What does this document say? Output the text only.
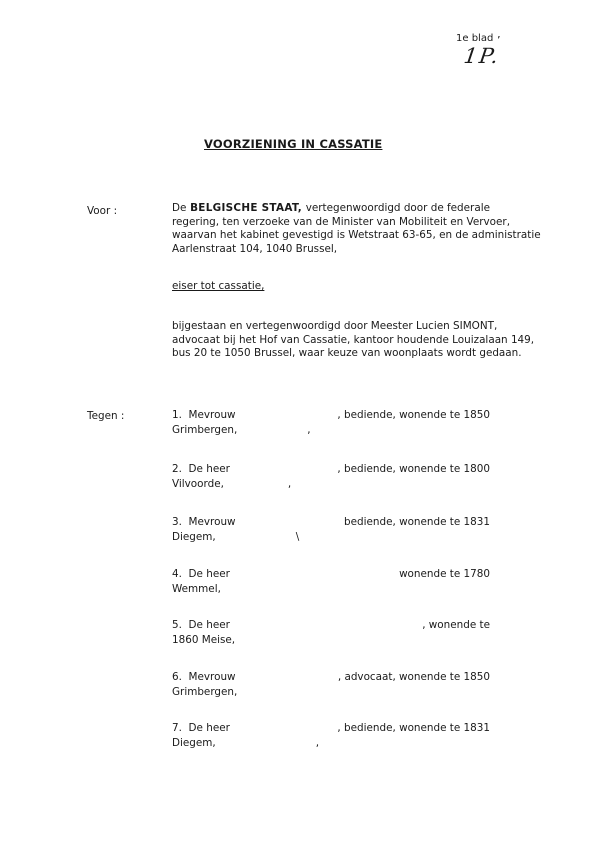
1e blad ʼ
1P.
VOORZIENING IN CASSATIE
Voor :	De BELGISCHE STAAT, vertegenwoordigd door de federale
regering, ten verzoeke van de Minister van Mobiliteit en Vervoer,
waarvan het kabinet gevestigd is Wetstraat 63-65, en de administratie
Aarlenstraat 104, 1040 Brussel,
eiser tot cassatie,
bijgestaan en vertegenwoordigd door Meester Lucien SIMONT,
advocaat bij het Hof van Cassatie, kantoor houdende Louizalaan 149,
bus 20 te 1050 Brussel, waar keuze van woonplaats wordt gedaan.
Tegen :	1. Mevrouw	, bediende, wonende te 1850
Grimbergen,	,
2. De heer	, bediende, wonende te 1800
Vilvoorde,	,
3. Mevrouw	bediende, wonende te 1831
Diegem,	\
4. De heer	wonende te 1780
Wemmel,
5. De heer	, wonende te
1860 Meise,
6. Mevrouw	, advocaat, wonende te 1850
Grimbergen,
7. De heer	, bediende, wonende te 1831
Diegem,	,
